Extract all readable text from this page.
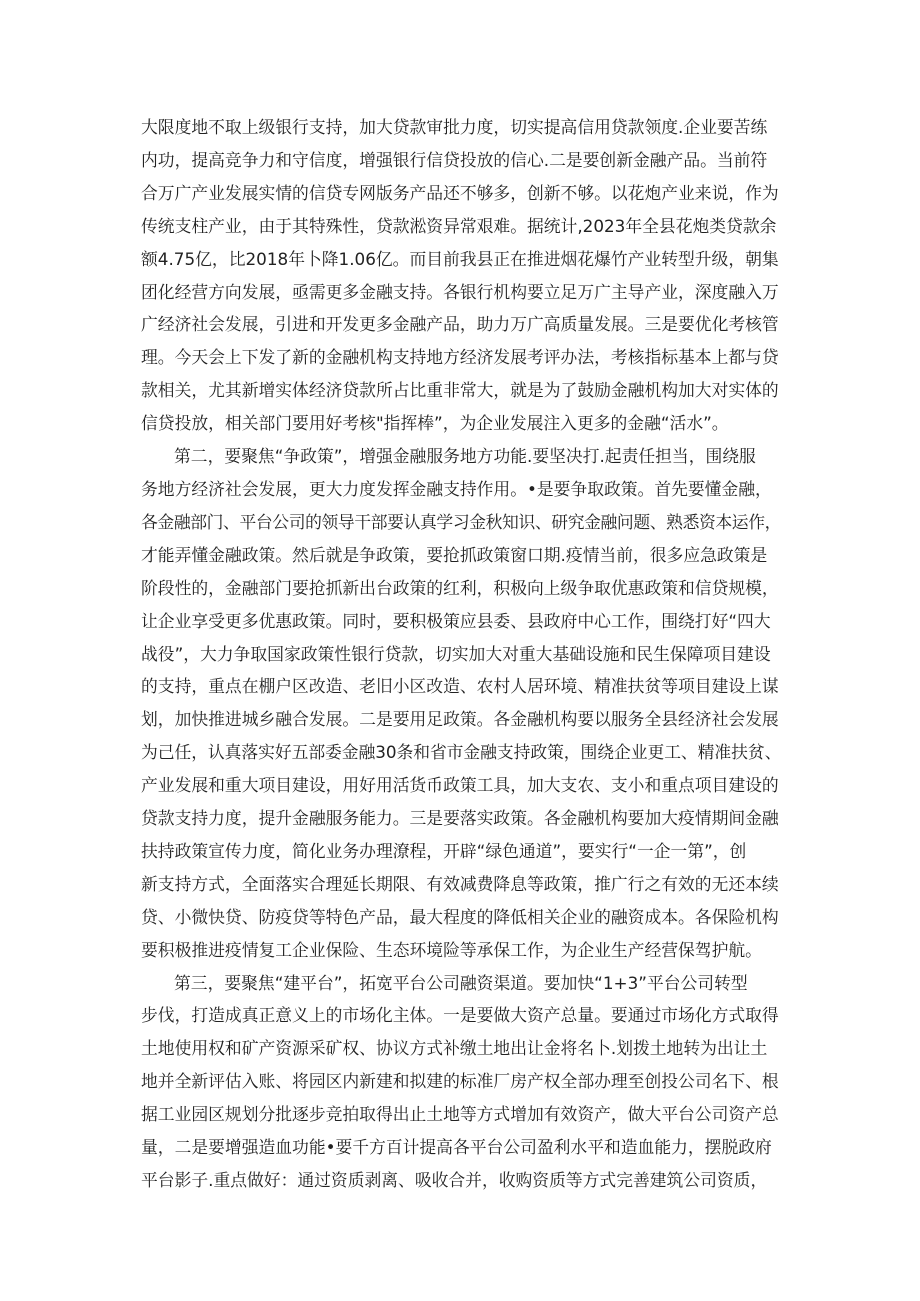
大限度地不取上级银行支持，加大贷款审批力度，切实提高信用贷款领度.企业要苦练
内功，提高竞争力和守信度，增强银行信贷投放的信心.二是要创新金融产品。当前符
合万广产业发展实情的信贷专网版务产品还不够多，创新不够。以花炮产业来说，作为
传统支柱产业，由于其特殊性，贷款淞资异常艰难。据统计,2023年全县花炮类贷款余
额4.75亿，比2018年卜降1.06亿。而目前我县正在推进烟花爆竹产业转型升级，朝集
团化经营方向发展，亟需更多金融支持。各银行机构要立足万广主导产业，深度融入万
广经济社会发展，引进和开发更多金融产品，助力万广高质量发展。三是要优化考核管
理。今天会上下发了新的金融机构支持地方经济发展考评办法，考核指标基本上都与贷
款相关，尤其新增实体经济贷款所占比重非常大，就是为了鼓励金融机构加大对实体的
信贷投放，相关部门要用好考核"指挥棒”，为企业发展注入更多的金融“活水”。

第二，要聚焦“争政策”，增强金融服务地方功能.要坚决打.起责任担当，围绕服
务地方经济社会发展，更大力度发挥金融支持作用。•是要争取政策。首先要懂金融，
各金融部门、平台公司的领导干部要认真学习金秋知识、研究金融问题、熟悉资本运作，
才能弄懂金融政策。然后就是争政策，要抢抓政策窗口期.疫情当前，很多应急政策是
阶段性的，金融部门要抢抓新出台政策的红利，积极向上级争取优惠政策和信贷规模，
让企业享受更多优惠政策。同时，要积极策应县委、县政府中心工作，围绕打好“四大
战役”，大力争取国家政策性银行贷款，切实加大对重大基础设施和民生保障项目建设
的支持，重点在棚户区改造、老旧小区改造、农村人居环境、精准扶贫等项目建设上谋
划，加快推进城乡融合发展。二是要用足政策。各金融机构要以服务全县经济社会发展
为己任，认真落实好五部委金融30条和省市金融支持政策，围绕企业更工、精准扶贫、
产业发展和重大项目建设，用好用活货币政策工具，加大支农、支小和重点项目建设的
贷款支持力度，提升金融服务能力。三是要落实政策。各金融机构要加大疫情期间金融
扶持政策宣传力度，简化业务办理潦程，开辟“绿色通道”，要实行“一企一第”，创
新支持方式，全面落实合理延长期限、有效减费降息等政策，推广行之有效的无还本续
贷、小微快贷、防疫贷等特色产品，最大程度的降低相关企业的融资成本。各保险机构
要积极推进疫情复工企业保险、生态环境险等承保工作，为企业生产经营保驾护航。

第三，要聚焦“建平台”，拓宽平台公司融资渠道。要加快“1+3”平台公司转型
步伐，打造成真正意义上的市场化主体。一是要做大资产总量。要通过市场化方式取得
土地使用权和矿产资源采矿权、协议方式补缴土地出让金将名卜.划拨土地转为出让土
地并全新评估入账、将园区内新建和拟建的标准厂房产权全部办理至创投公司名下、根
据工业园区规划分批逐步竞拍取得出止土地等方式增加有效资产，做大平台公司资产总
量，二是要增强造血功能•要千方百计提高各平台公司盈利水平和造血能力，摆脱政府
平台影子.重点做好：通过资质剥离、吸收合并，收购资质等方式完善建筑公司资质，
